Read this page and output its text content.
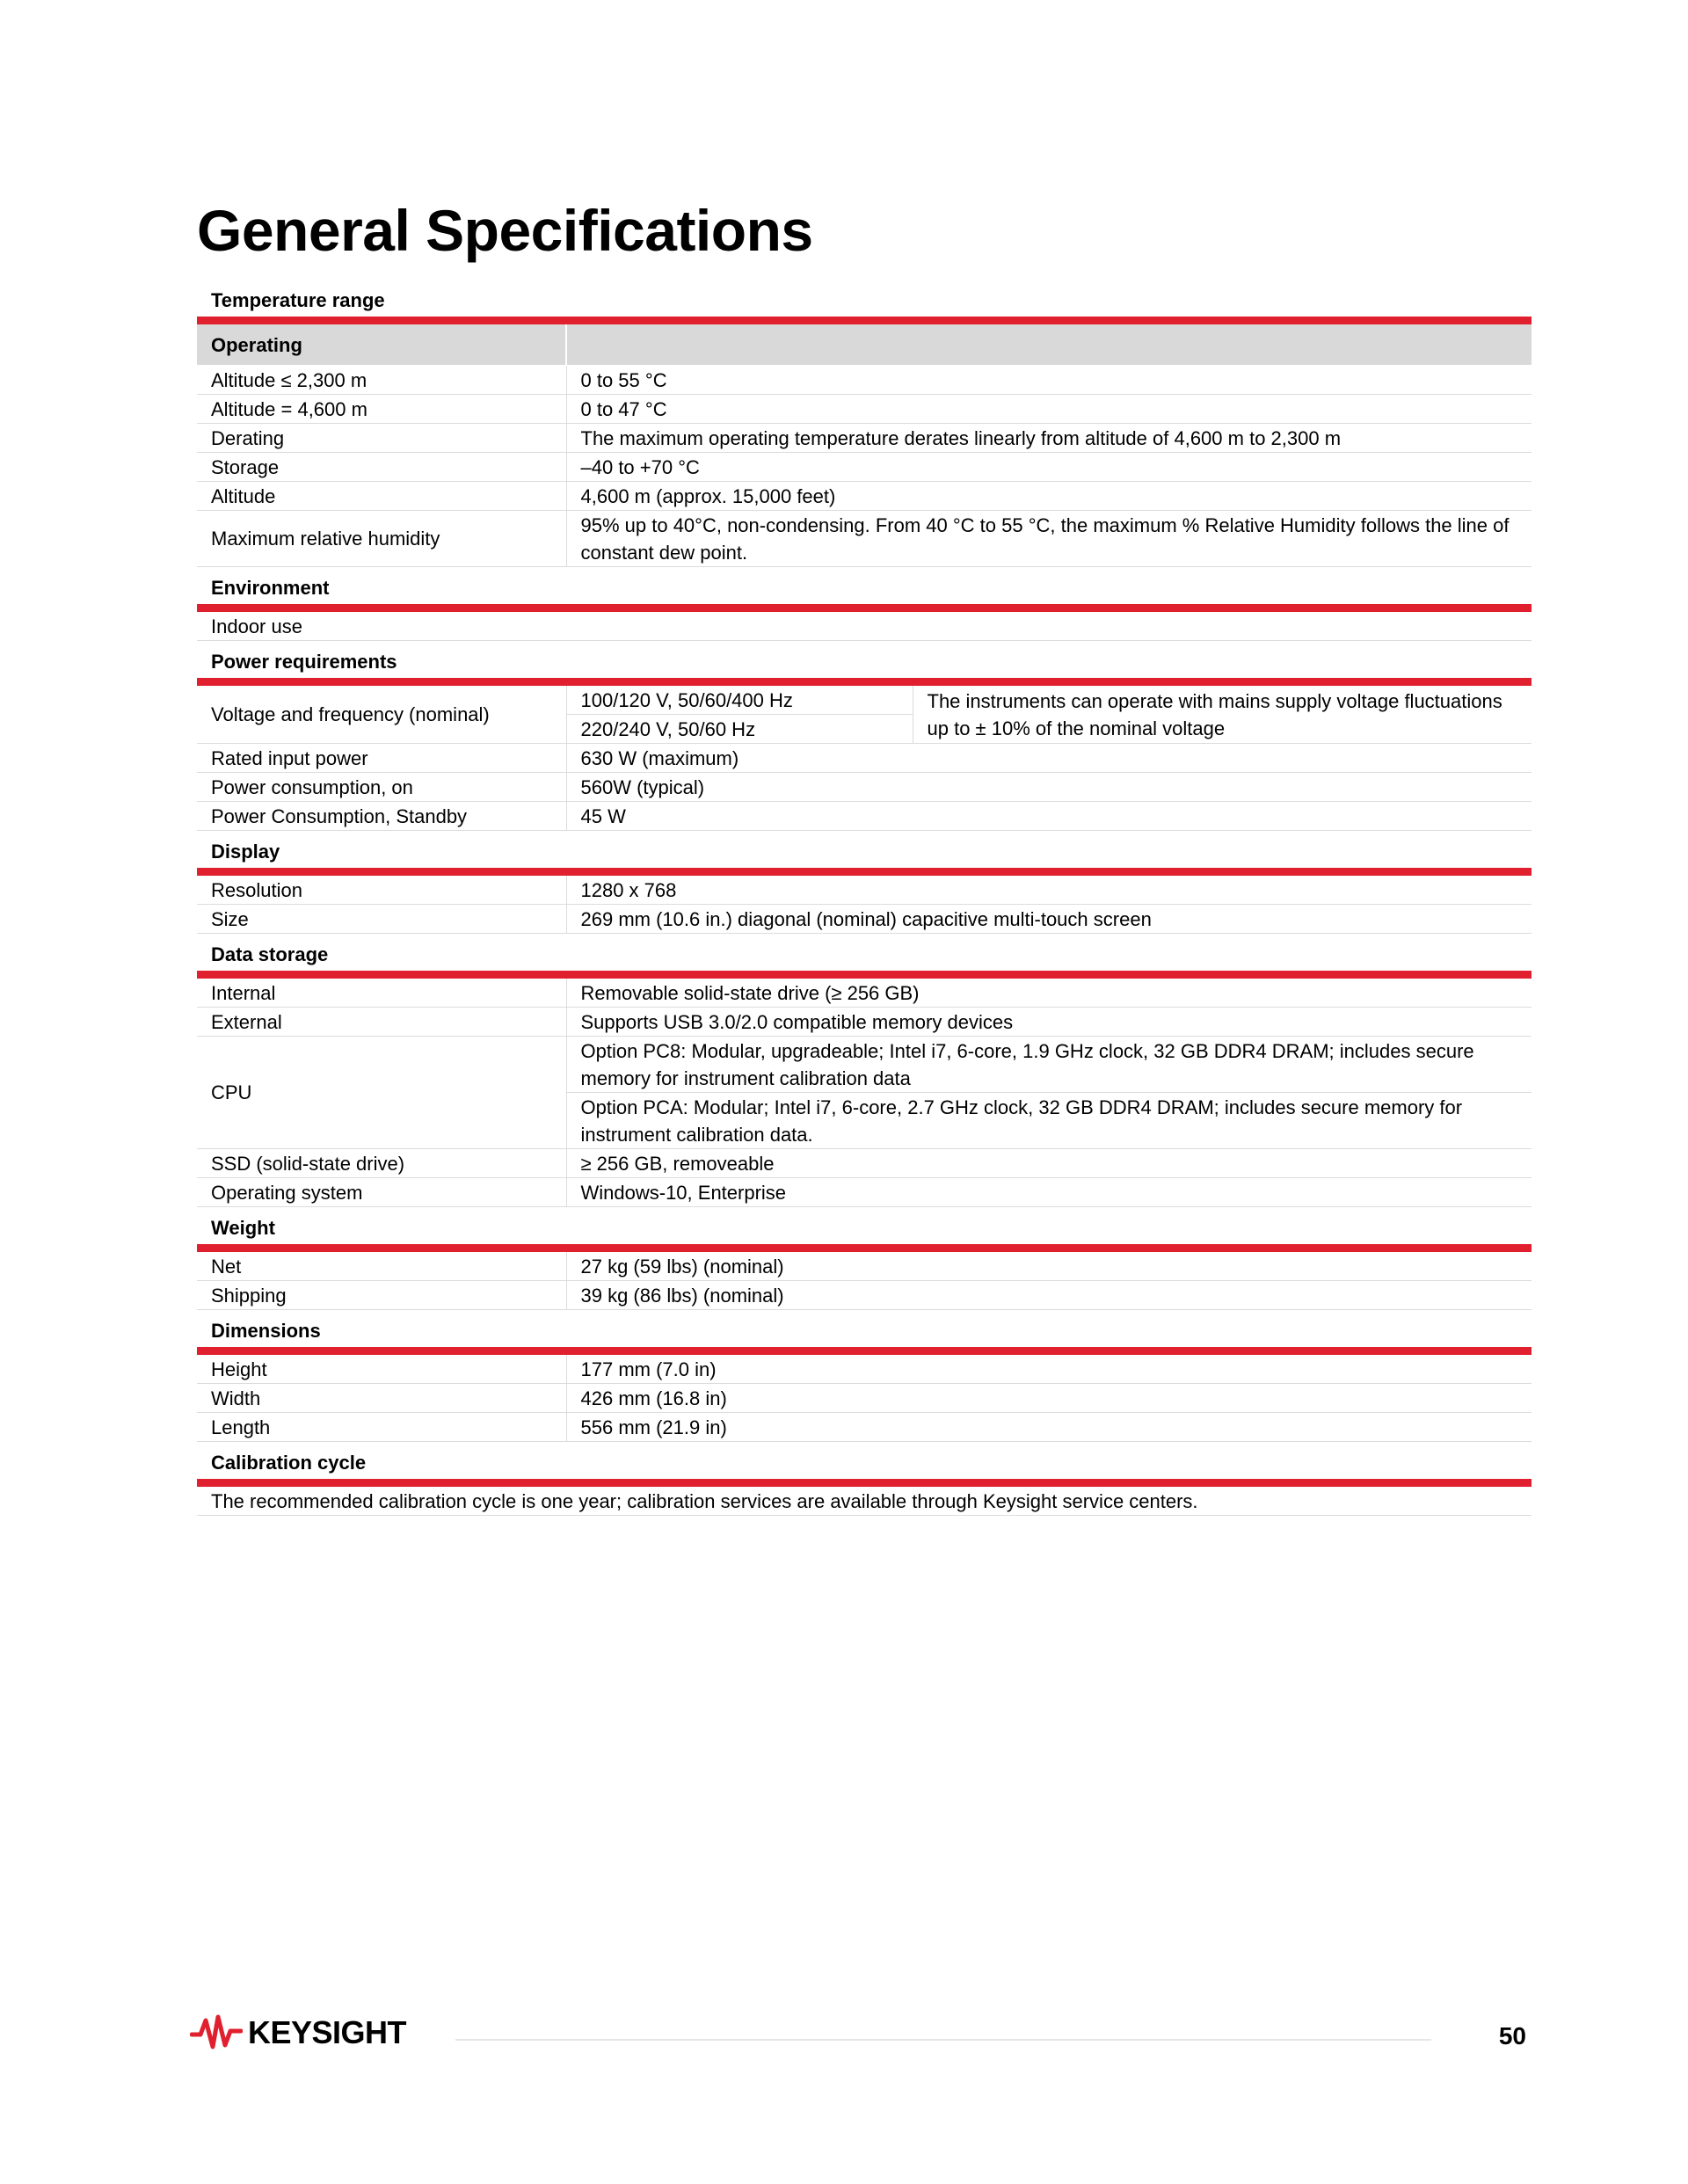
General Specifications
Temperature range		
Operating		
Altitude ≤ 2,300 m	0 to 55 °C	
Altitude = 4,600 m	0 to 47 °C	
Derating	The maximum operating temperature derates linearly from altitude of 4,600 m to 2,300 m	
Storage	–40 to +70 °C	
Altitude	4,600 m (approx. 15,000 feet)	
Maximum relative humidity	95% up to 40°C, non-condensing. From 40 °C to 55 °C, the maximum % Relative Humidity follows the line of constant dew point.	
Environment		
Indoor use		
Power requirements		
Voltage and frequency (nominal)	100/120 V, 50/60/400 Hz	The instruments can operate with mains supply voltage fluctuations up to ± 10% of the nominal voltage
	220/240 V, 50/60 Hz	
Rated input power	630 W (maximum)	
Power consumption, on	560W (typical)	
Power Consumption, Standby	45 W	
Display		
Resolution	1280 x 768	
Size	269 mm (10.6 in.) diagonal (nominal) capacitive multi-touch screen	
Data storage		
Internal	Removable solid-state drive (≥ 256 GB)	
External	Supports USB 3.0/2.0 compatible memory devices	
CPU	Option PC8: Modular, upgradeable; Intel i7, 6-core, 1.9 GHz clock, 32 GB DDR4 DRAM; includes secure memory for instrument calibration data	
	Option PCA: Modular; Intel i7, 6-core, 2.7 GHz clock, 32 GB DDR4 DRAM; includes secure memory for instrument calibration data.	
SSD (solid-state drive)	≥ 256 GB, removeable	
Operating system	Windows-10, Enterprise	
Weight		
Net	27 kg (59 lbs) (nominal)	
Shipping	39 kg (86 lbs) (nominal)	
Dimensions		
Height	177 mm (7.0 in)	
Width	426 mm (16.8 in)	
Length	556 mm (21.9 in)	
Calibration cycle		
The recommended calibration cycle is one year; calibration services are available through Keysight service centers.		
KEYSIGHT	50
